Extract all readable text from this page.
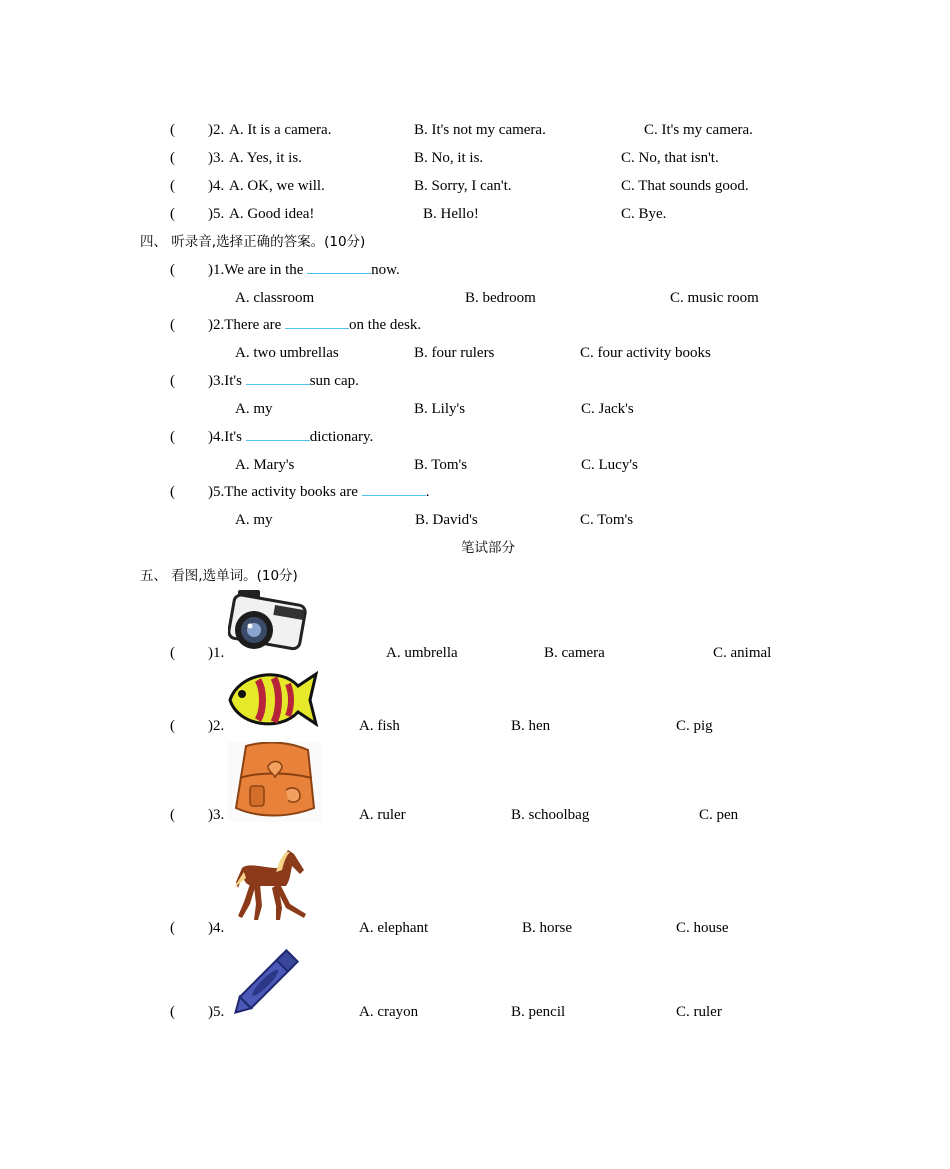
( )2. A. It is a camera.	B. It's not my camera.	C. It's my camera.
( )3. A. Yes, it is.	B. No, it is.	C. No, that isn't.
( )4. A. OK, we will.	B. Sorry, I can't.	C. That sounds good.
( )5. A. Good idea!	B. Hello!	C. Bye.
四、 听录音,选择正确的答案。(10分)
( )1.We are in the	now.
A. classroom	B. bedroom	C. music room
( )2.There are	on the desk.
A. two umbrellas	B. four rulers	C. four activity books
( )3.It's	sun cap.
A. my	B. Lily's	C. Jack's
( )4.It's	dictionary.
A. Mary's	B. Tom's	C. Lucy's
( )5.The activity books are	.
A. my	B. David's	C. Tom's
笔试部分
五、 看图,选单词。(10分)
( )1.	A. umbrella	B. camera	C. animal
( )2.	A. fish	B. hen	C. pig
( )3.	A. ruler	B. schoolbag	C. pen
( )4.	A. elephant	B. horse	C. house
( )5.	A. crayon	B. pencil	C. ruler
